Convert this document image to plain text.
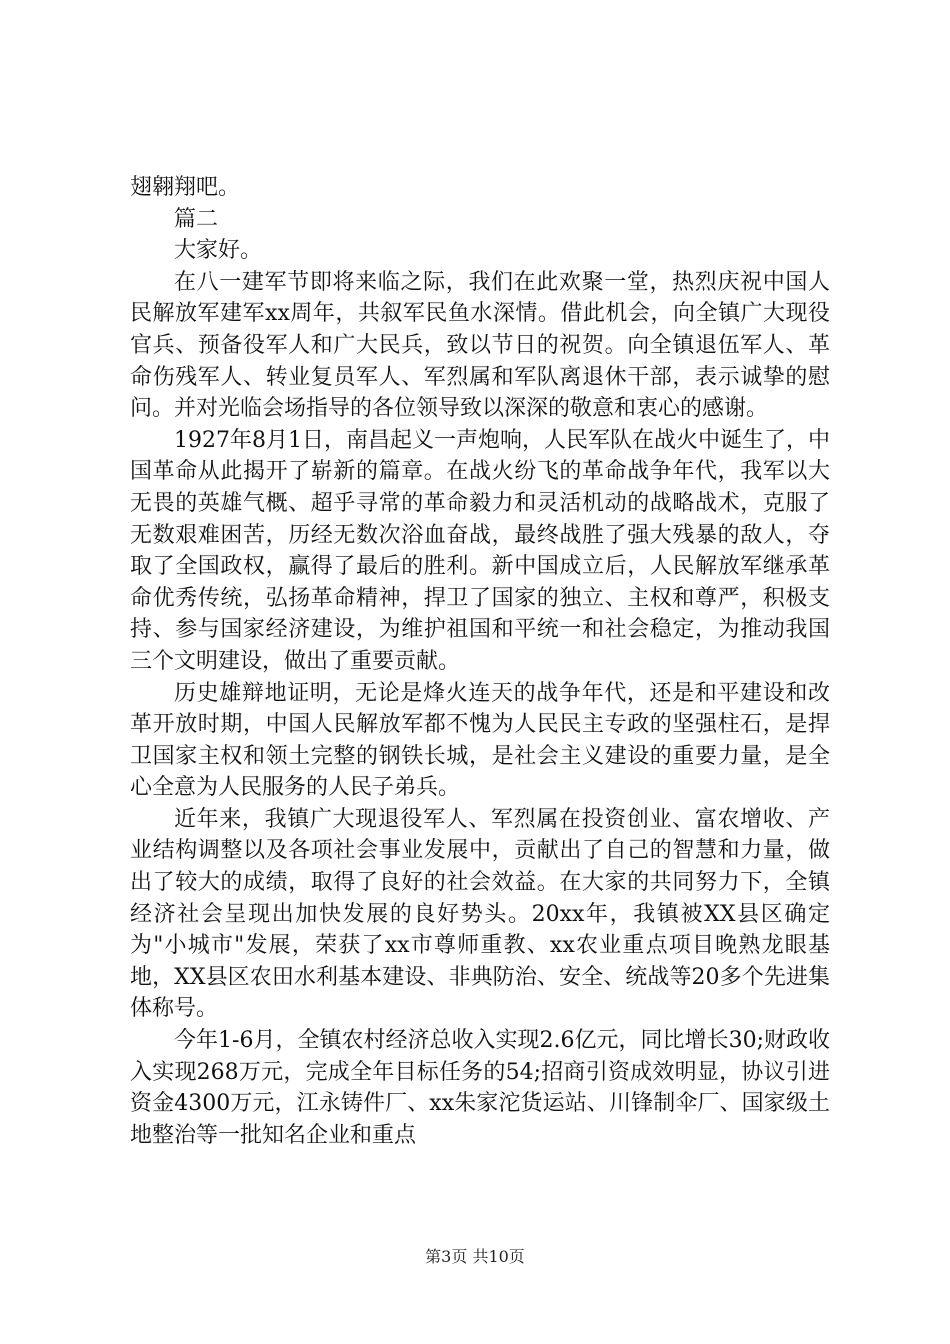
翅翱翔吧。

篇二

大家好。

在八一建军节即将来临之际，我们在此欢聚一堂，热烈庆祝中国人民解放军建军xx周年，共叙军民鱼水深情。借此机会，向全镇广大现役官兵、预备役军人和广大民兵，致以节日的祝贺。向全镇退伍军人、革命伤残军人、转业复员军人、军烈属和军队离退休干部，表示诚挚的慰问。并对光临会场指导的各位领导致以深深的敬意和衷心的感谢。

1927年8月1日，南昌起义一声炮响，人民军队在战火中诞生了，中国革命从此揭开了崭新的篇章。在战火纷飞的革命战争年代，我军以大无畏的英雄气概、超乎寻常的革命毅力和灵活机动的战略战术，克服了无数艰难困苦，历经无数次浴血奋战，最终战胜了强大残暴的敌人，夺取了全国政权，赢得了最后的胜利。新中国成立后，人民解放军继承革命优秀传统，弘扬革命精神，捍卫了国家的独立、主权和尊严，积极支持、参与国家经济建设，为维护祖国和平统一和社会稳定，为推动我国三个文明建设，做出了重要贡献。

历史雄辩地证明，无论是烽火连天的战争年代，还是和平建设和改革开放时期，中国人民解放军都不愧为人民民主专政的坚强柱石，是捍卫国家主权和领土完整的钢铁长城，是社会主义建设的重要力量，是全心全意为人民服务的人民子弟兵。

近年来，我镇广大现退役军人、军烈属在投资创业、富农增收、产业结构调整以及各项社会事业发展中，贡献出了自己的智慧和力量，做出了较大的成绩，取得了良好的社会效益。在大家的共同努力下，全镇经济社会呈现出加快发展的良好势头。20xx年，我镇被XX县区确定为"小城市"发展，荣获了xx市尊师重教、xx农业重点项目晚熟龙眼基地，XX县区农田水利基本建设、非典防治、安全、统战等20多个先进集体称号。

今年1-6月，全镇农村经济总收入实现2.6亿元，同比增长30;财政收入实现268万元，完成全年目标任务的54;招商引资成效明显，协议引进资金4300万元，江永铸件厂、xx朱家沱货运站、川锋制伞厂、国家级土地整治等一批知名企业和重点

第3页 共10页
